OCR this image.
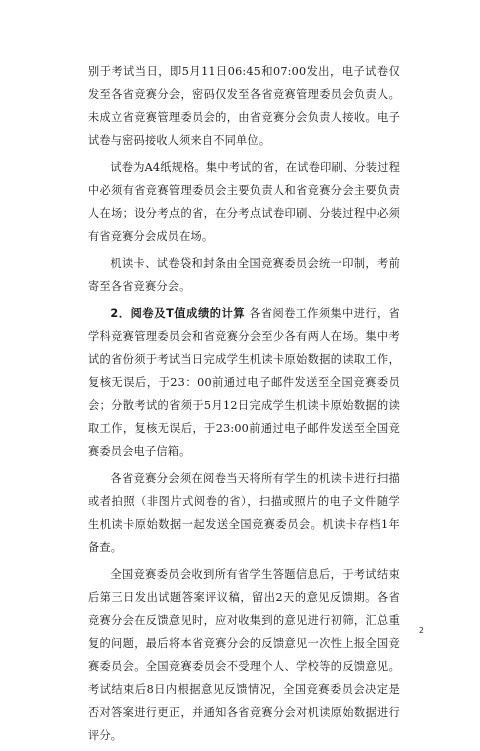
别于考试当日，即5月11日06:45和07:00发出，电子试卷仅发至各省竞赛分会，密码仅发至各省竞赛管理委员会负责人。未成立省竞赛管理委员会的，由省竞赛分会负责人接收。电子试卷与密码接收人须来自不同单位。

试卷为A4纸规格。集中考试的省，在试卷印刷、分装过程中必须有省竞赛管理委员会主要负责人和省竞赛分会主要负责人在场；设分考点的省，在分考点试卷印刷、分装过程中必须有省竞赛分会成员在场。

机读卡、试卷袋和封条由全国竞赛委员会统一印制，考前寄至各省竞赛分会。

2．阅卷及T值成绩的计算 各省阅卷工作须集中进行，省学科竞赛管理委员会和省竞赛分会至少各有两人在场。集中考试的省份须于考试当日完成学生机读卡原始数据的读取工作，复核无误后，于23：00前通过电子邮件发送至全国竞赛委员会；分散考试的省须于5月12日完成学生机读卡原始数据的读取工作，复核无误后，于23:00前通过电子邮件发送至全国竞赛委员会电子信箱。

各省竞赛分会须在阅卷当天将所有学生的机读卡进行扫描或者拍照（非图片式阅卷的省），扫描或照片的电子文件随学生机读卡原始数据一起发送全国竞赛委员会。机读卡存档1年备查。

全国竞赛委员会收到所有省学生答题信息后，于考试结束后第三日发出试题答案评议稿，留出2天的意见反馈期。各省竞赛分会在反馈意见时，应对收集到的意见进行初筛，汇总重复的问题，最后将本省竞赛分会的反馈意见一次性上报全国竞赛委员会。全国竞赛委员会不受理个人、学校等的反馈意见。考试结束后8日内根据意见反馈情况，全国竞赛委员会决定是否对答案进行更正，并通知各省竞赛分会对机读原始数据进行评分。

2
